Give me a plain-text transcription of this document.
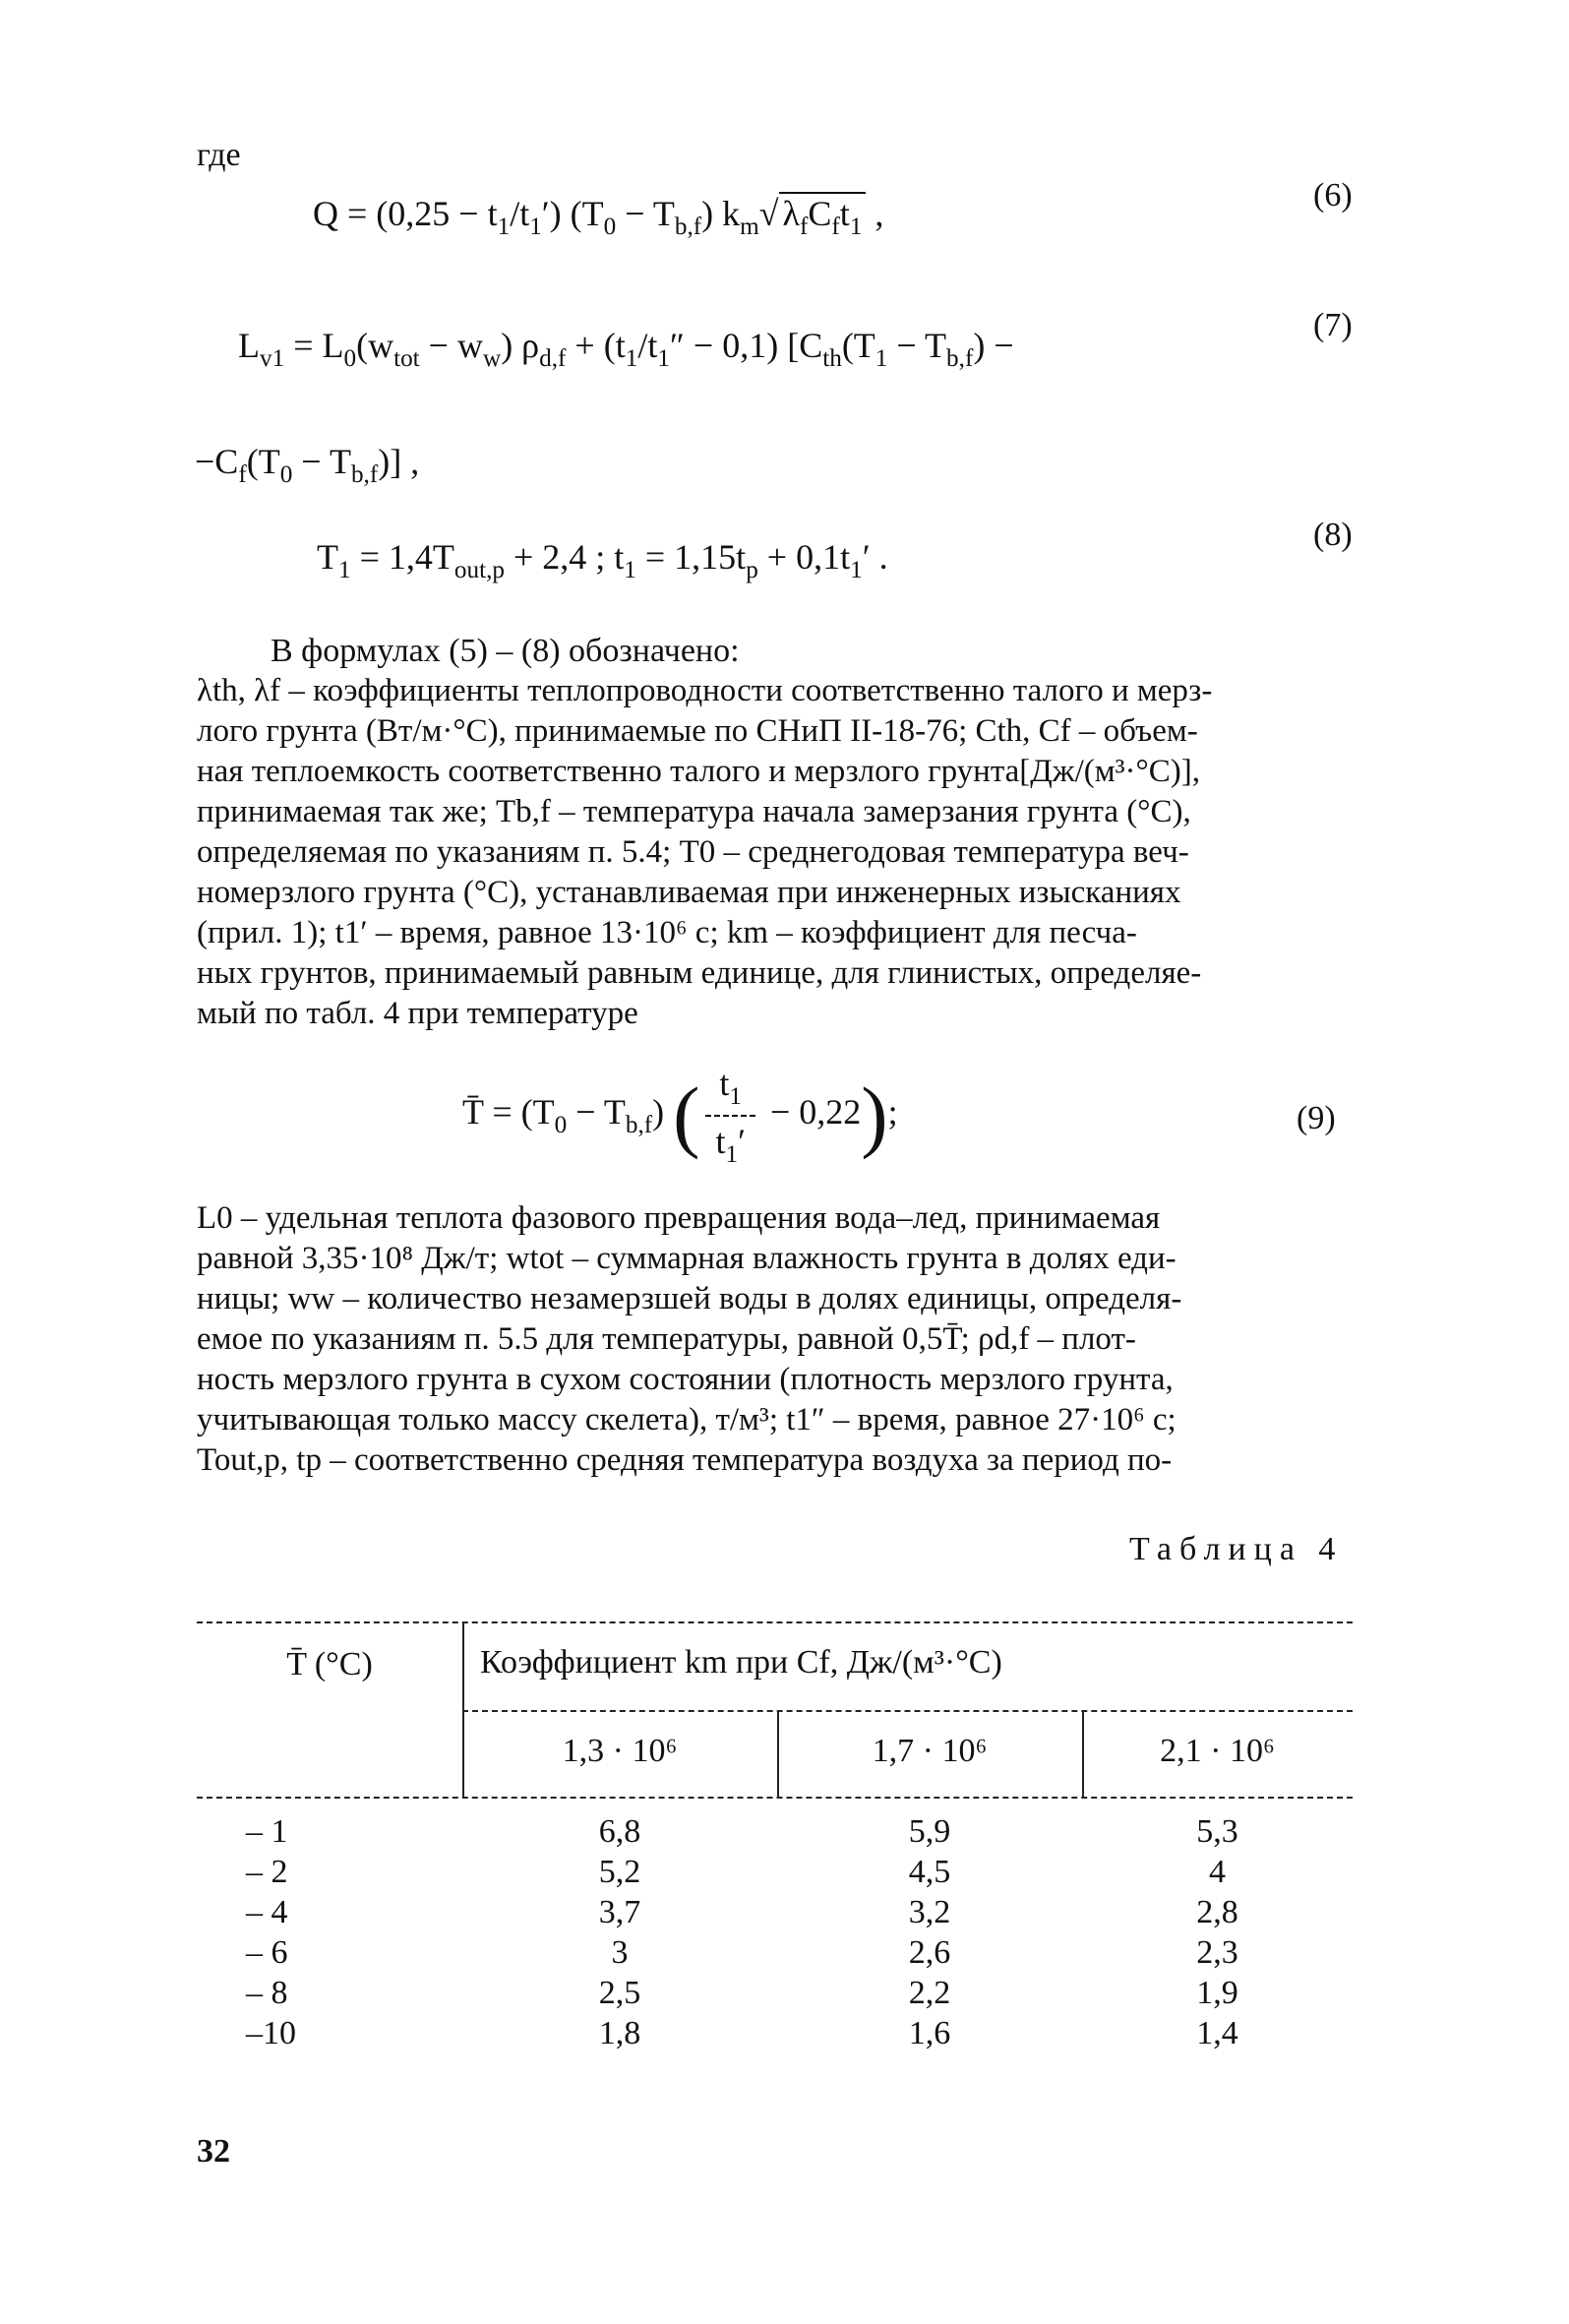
где
$Q = (0,25 - t_1/t_1')$ $(T_0 - T_{b,f})$ $k_m√$ $\lambda_fC_ft_1$ ,	(6)
$L_{v1} = L_0(w_{tot} - w_w) \rho_{d,f} + (t_1/t_1'' - 0,1) [C_{th}(T_1 - T_{b,f})$ −
(7)
$-C_f(T_0 - T_{b,f})$] ,
$T_1 = 1,4T_{out,p} + 2,4$ ; $t_1 = 1,15t_p + 0,1t_1'$ .
(8)
В формулах (5) – (8) обозначено:

λth, λf – коэффициенты теплопроводности соответственно талого и мерз-

лого грунта (Вт/м·°С), принимаемые по СНиП II-18-76; Cth, Cf – объем-

ная теплоемкость соответственно талого и мерзлого грунта[Дж/(м³·°С)],

принимаемая так же; Tb,f – температура начала замерзания грунта (°С),

определяемая по указаниям п. 5.4; T0 – среднегодовая температура веч-

номерзлого грунта (°С), устанавливаемая при инженерных изысканиях

(прил. 1); t1′ – время, равное 13·10⁶ с; km – коэффициент для песча-

ных грунтов, принимаемый равным единице, для глинистых, определяе-

мый по табл. 4 при температуре

T̄ = $(T_0 - T_{b,f})$ ( $\frac{t_1}{t_1'} - 0,22$);	(9)

L0 – удельная теплота фазового превращения вода–лед, принимаемая

равной 3,35·10⁸ Дж/т; wtot – суммарная влажность грунта в долях еди-

ницы; ww – количество незамерзшей воды в долях единицы, определя-

емое по указаниям п. 5.5 для температуры, равной 0,5T̄; ρd,f – плот-

ность мерзлого грунта в сухом состоянии (плотность мерзлого грунта,

учитывающая только массу скелета), т/м³; t1″ – время, равное 27·10⁶ с;

Tout,p, tp – соответственно средняя температура воздуха за период по-

Таблица 4
T̄ (°С)	Коэффициент km при Cf, Дж/(м³·°С)
1,3 · 10⁶	1,7 · 10⁶	2,1 · 10⁶
– 1	6,8	5,9	5,3
– 2	5,2	4,5	4
– 4	3,7	3,2	2,8
– 6	3	2,6	2,3
– 8	2,5	2,2	1,9
–10	1,8	1,6	1,4
32
